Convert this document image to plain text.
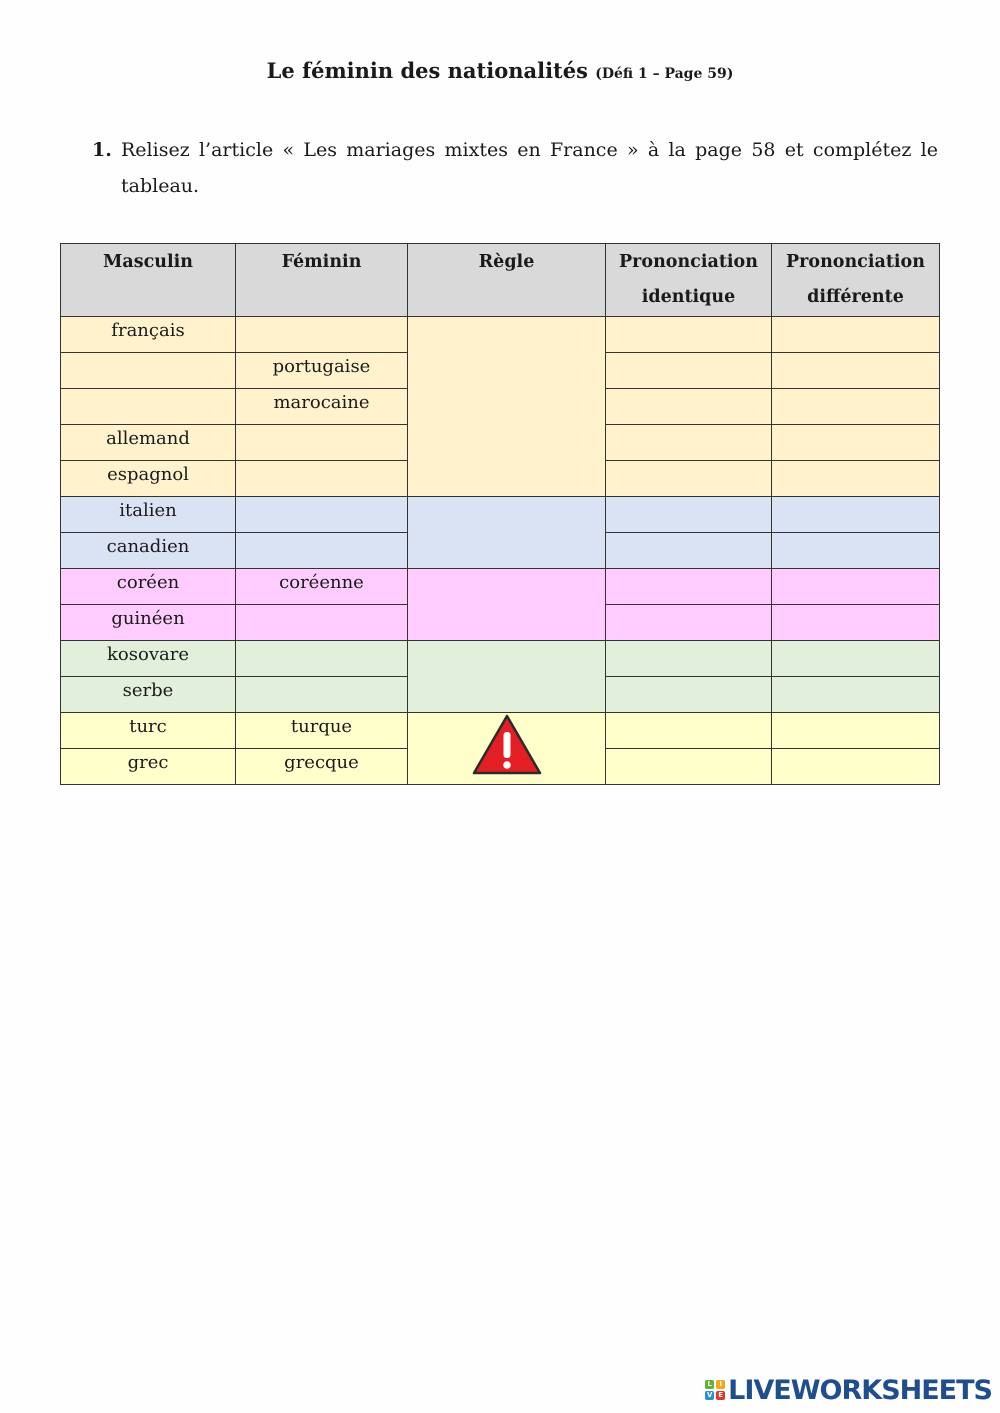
Le féminin des nationalités (Défi 1 – Page 59)
1. Relisez l’article « Les mariages mixtes en France » à la page 58 et complétez le tableau.
Masculin	Féminin	Règle	Prononciation identique	Prononciation différente
français				
	portugaise			
	marocaine			
allemand				
espagnol				
italien				
canadien				
coréen	coréenne			
guinéen				
kosovare				
serbe				
turc	turque	

grec	grecque			
L	I
V E LIVEWORKSHEETS
